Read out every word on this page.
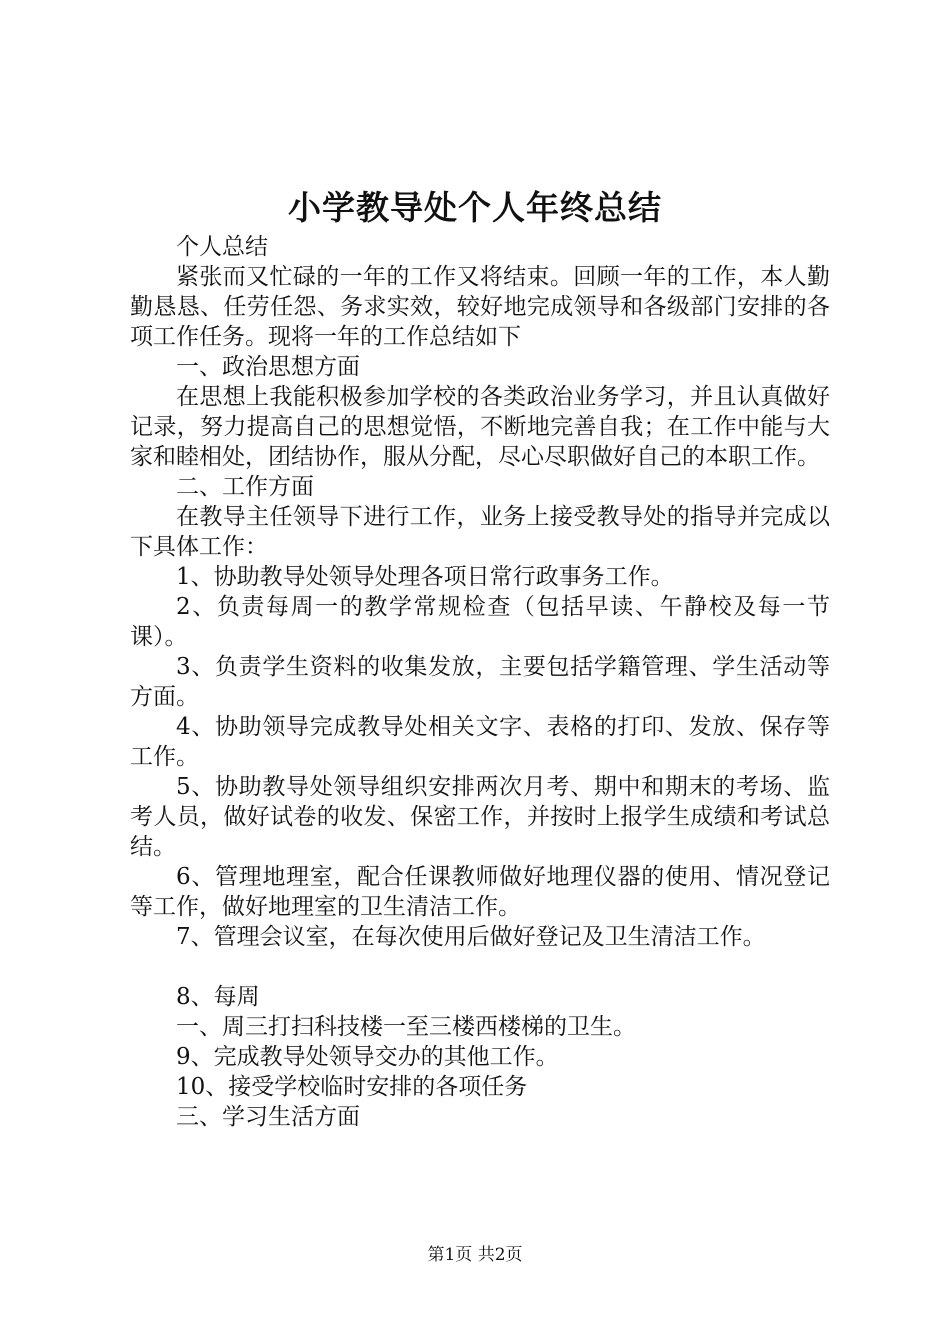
小学教导处个人年终总结

个人总结

紧张而又忙碌的一年的工作又将结束。回顾一年的工作，本人勤勤恳恳、任劳任怨、务求实效，较好地完成领导和各级部门安排的各项工作任务。现将一年的工作总结如下

一、政治思想方面

在思想上我能积极参加学校的各类政治业务学习，并且认真做好记录，努力提高自己的思想觉悟，不断地完善自我；在工作中能与大家和睦相处，团结协作，服从分配，尽心尽职做好自己的本职工作。

二、工作方面

在教导主任领导下进行工作，业务上接受教导处的指导并完成以下具体工作：

1、协助教导处领导处理各项日常行政事务工作。

2、负责每周一的教学常规检查（包括早读、午静校及每一节课）。

3、负责学生资料的收集发放，主要包括学籍管理、学生活动等方面。

4、协助领导完成教导处相关文字、表格的打印、发放、保存等工作。

5、协助教导处领导组织安排两次月考、期中和期末的考场、监考人员，做好试卷的收发、保密工作，并按时上报学生成绩和考试总结。

6、管理地理室，配合任课教师做好地理仪器的使用、情况登记等工作，做好地理室的卫生清洁工作。

7、管理会议室，在每次使用后做好登记及卫生清洁工作。

8、每周

一、周三打扫科技楼一至三楼西楼梯的卫生。

9、完成教导处领导交办的其他工作。

10、接受学校临时安排的各项任务

三、学习生活方面

第1页 共2页
